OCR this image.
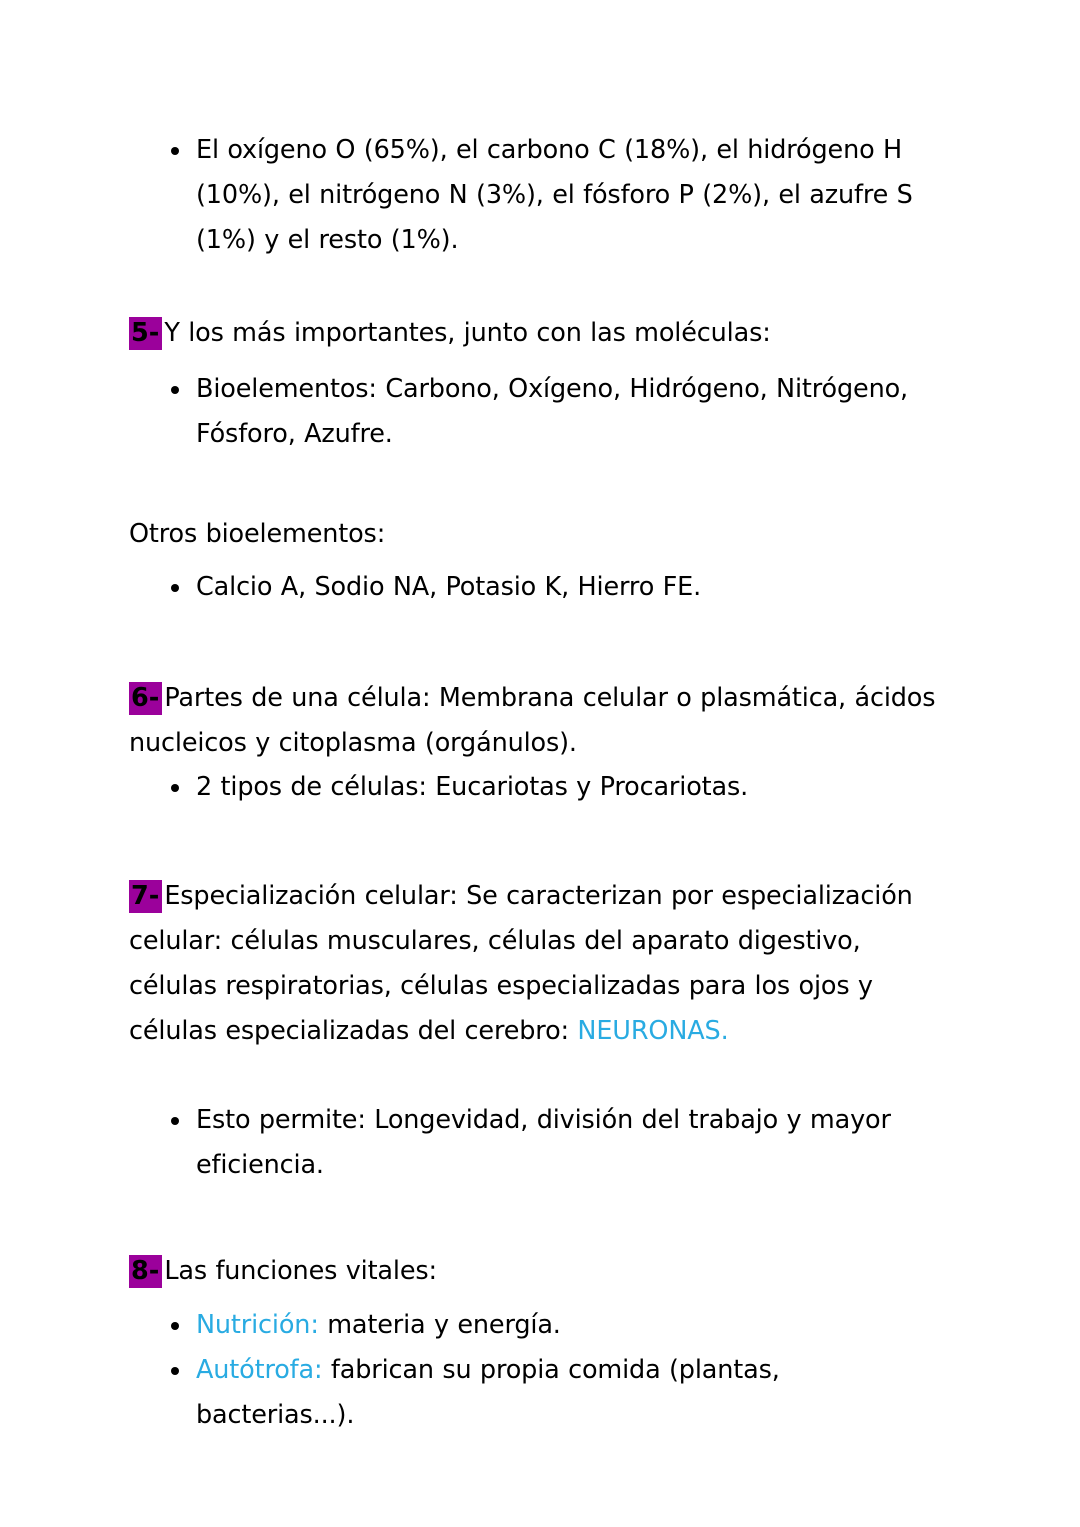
El oxígeno O (65%), el carbono C (18%), el hidrógeno H (10%), el nitrógeno N (3%), el fósforo P (2%), el azufre S (1%) y el resto (1%).
5- Y los más importantes, junto con las moléculas:
Bioelementos: Carbono, Oxígeno, Hidrógeno, Nitrógeno, Fósforo, Azufre.
Otros bioelementos:
Calcio A, Sodio NA, Potasio K, Hierro FE.
6- Partes de una célula: Membrana celular o plasmática, ácidos nucleicos y citoplasma (orgánulos).
2 tipos de células: Eucariotas y Procariotas.
7- Especialización celular: Se caracterizan por especialización celular: células musculares, células del aparato digestivo, células respiratorias, células especializadas para los ojos y células especializadas del cerebro: NEURONAS.
Esto permite: Longevidad, división del trabajo y mayor eficiencia.
8- Las funciones vitales:
Nutrición: materia y energía.
Autótrofa: fabrican su propia comida (plantas, bacterias...).
